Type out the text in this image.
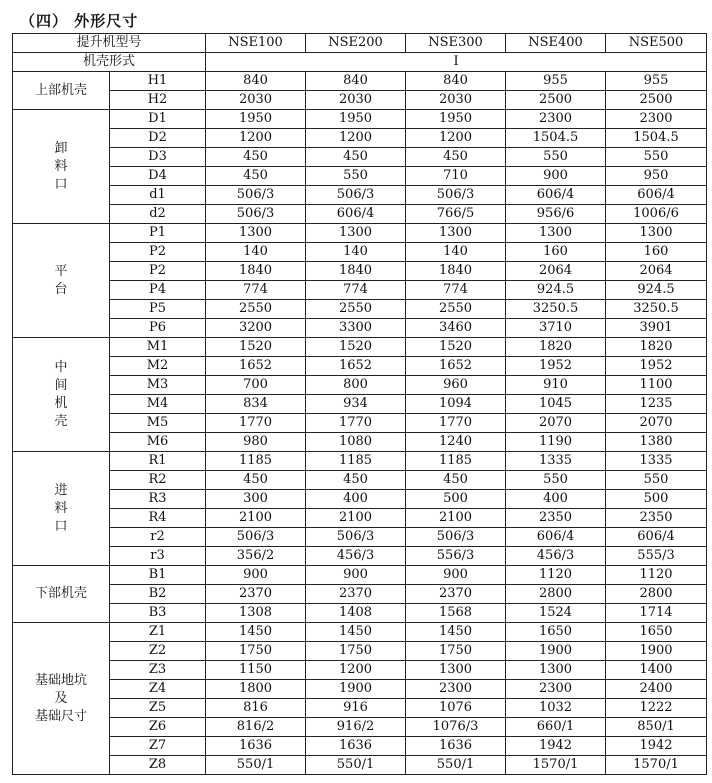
（四） 外形尺寸
提升机型号		NSE100	NSE200	NSE300	NSE400	NSE500
机壳形式		I				
上部机壳	H1	840	840	840	955	955
	H2	2030	2030	2030	2500	2500

卸
料
口	D1	1950	1950	1950	2300	2300
	D2	1200	1200	1200	1504.5	1504.5
	D3	450	450	450	550	550
	D4	450	550	710	900	950
	d1	506/3	506/3	506/3	606/4	606/4
	d2	506/3	606/4	766/5	956/6	1006/6

平
台	P1	1300	1300	1300	1300	1300
	P2	140	140	140	160	160
	P2	1840	1840	1840	2064	2064
	P4	774	774	774	924.5	924.5
	P5	2550	2550	2550	3250.5	3250.5
	P6	3200	3300	3460	3710	3901

中
间
机
壳	M1	1520	1520	1520	1820	1820
	M2	1652	1652	1652	1952	1952
	M3	700	800	960	910	1100
	M4	834	934	1094	1045	1235
	M5	1770	1770	1770	2070	2070
	M6	980	1080	1240	1190	1380

进
料
口	R1	1185	1185	1185	1335	1335
	R2	450	450	450	550	550
	R3	300	400	500	400	500
	R4	2100	2100	2100	2350	2350
	r2	506/3	506/3	506/3	606/4	606/4
	r3	356/2	456/3	556/3	456/3	555/3
下部机壳	B1	900	900	900	1120	1120
	B2	2370	2370	2370	2800	2800
	B3	1308	1408	1568	1524	1714

基础地坑
及
基础尺寸	Z1	1450	1450	1450	1650	1650
	Z2	1750	1750	1750	1900	1900
	Z3	1150	1200	1300	1300	1400
	Z4	1800	1900	2300	2300	2400
	Z5	816	916	1076	1032	1222
	Z6	816/2	916/2	1076/3	660/1	850/1
	Z7	1636	1636	1636	1942	1942
	Z8	550/1	550/1	550/1	1570/1	1570/1
